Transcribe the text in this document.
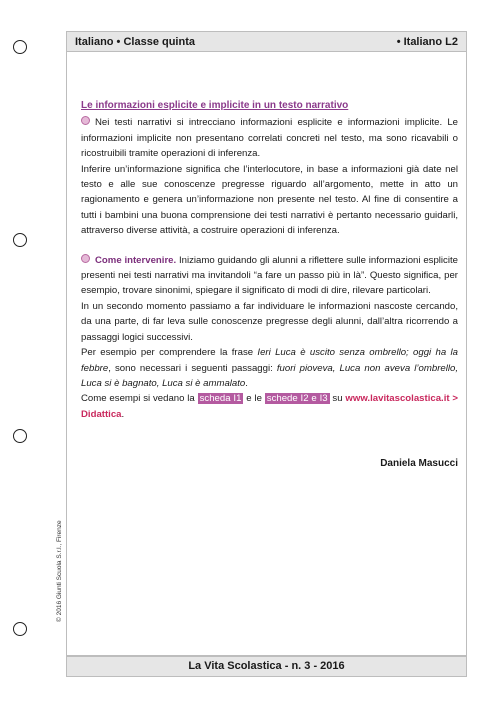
Italiano • Classe quinta	• Italiano L2
Le informazioni esplicite e implicite in un testo narrativo

Nei testi narrativi si intrecciano informazioni esplicite e informazioni implicite. Le informazioni implicite non presentano correlati concreti nel testo, ma sono ricavabili o ricostruibili tramite operazioni di inferenza.

Inferire un’informazione significa che l’interlocutore, in base a informazioni già date nel testo e alle sue conoscenze pregresse riguardo all’argomento, mette in atto un ragionamento e genera un’informazione non presente nel testo. Al fine di consentire a tutti i bambini una buona comprensione dei testi narrativi è pertanto necessario guidarli, attraverso diverse attività, a costruire operazioni di inferenza.

Come intervenire. Iniziamo guidando gli alunni a riflettere sulle informazioni esplicite presenti nei testi narrativi ma invitandoli “a fare un passo più in là”. Questo significa, per esempio, trovare sinonimi, spiegare il significato di modi di dire, rilevare particolari.

In un secondo momento passiamo a far individuare le informazioni nascoste cercando, da una parte, di far leva sulle conoscenze pregresse degli alunni, dall’altra ricorrendo a passaggi logici successivi.

Per esempio per comprendere la frase Ieri Luca è uscito senza ombrello; oggi ha la febbre, sono necessari i seguenti passaggi: fuori pioveva, Luca non aveva l’ombrello, Luca si è bagnato, Luca si è ammalato.

Come esempi si vedano la scheda I1 e le schede I2 e I3 su www.lavitascolastica.it > Didattica.

Daniela Masucci
© 2016 Giunti Scuola S.r.l., Firenze
La Vita Scolastica - n. 3 - 2016
